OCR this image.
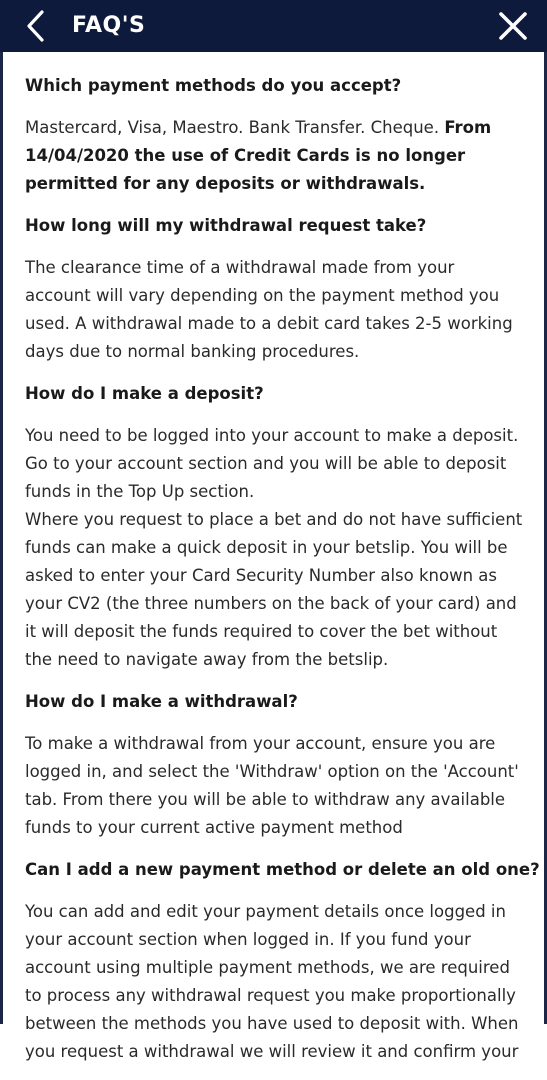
FAQ'S
Which payment methods do you accept?
Mastercard, Visa, Maestro. Bank Transfer. Cheque. From
14/04/2020 the use of Credit Cards is no longer
permitted for any deposits or withdrawals.
How long will my withdrawal request take?
The clearance time of a withdrawal made from your
account will vary depending on the payment method you
used. A withdrawal made to a debit card takes 2-5 working
days due to normal banking procedures.
How do I make a deposit?
You need to be logged into your account to make a deposit.
Go to your account section and you will be able to deposit
funds in the Top Up section.
Where you request to place a bet and do not have sufficient
funds can make a quick deposit in your betslip. You will be
asked to enter your Card Security Number also known as
your CV2 (the three numbers on the back of your card) and
it will deposit the funds required to cover the bet without
the need to navigate away from the betslip.
How do I make a withdrawal?
To make a withdrawal from your account, ensure you are
logged in, and select the 'Withdraw' option on the 'Account'
tab. From there you will be able to withdraw any available
funds to your current active payment method
Can I add a new payment method or delete an old one?
You can add and edit your payment details once logged in
your account section when logged in. If you fund your
account using multiple payment methods, we are required
to process any withdrawal request you make proportionally
between the methods you have used to deposit with. When
you request a withdrawal we will review it and confirm your
